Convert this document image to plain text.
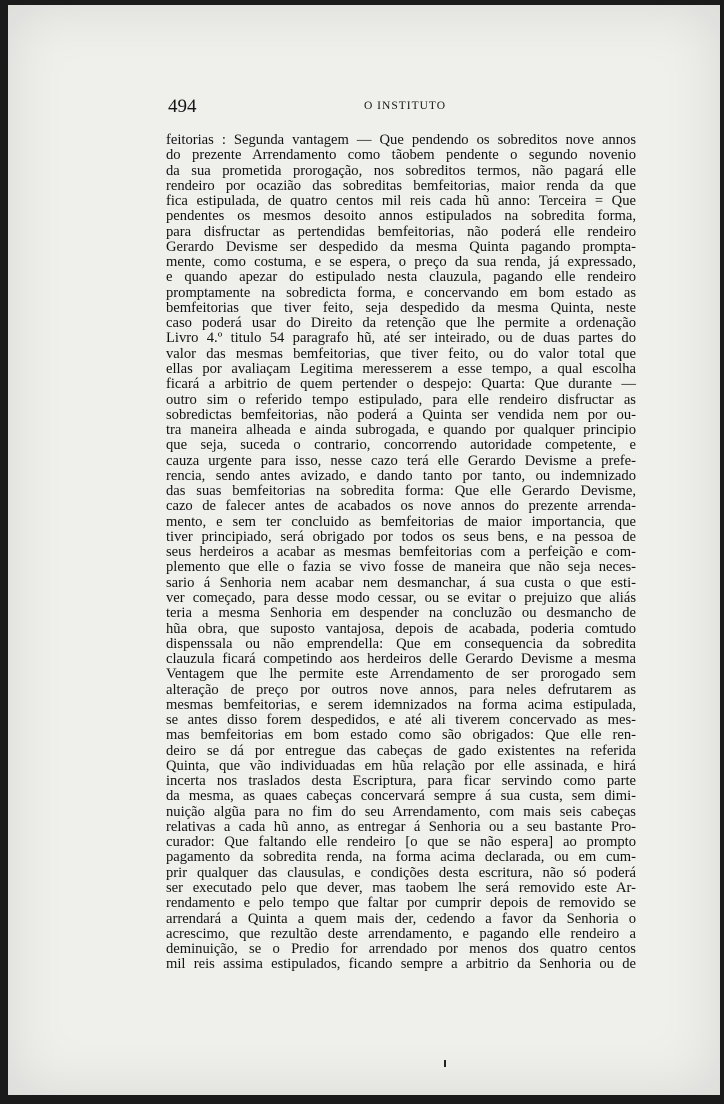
494	O INSTITUTO
feitorias : Segunda vantagem — Que pendendo os sobreditos nove annos
do prezente Arrendamento como tãobem pendente o segundo novenio
da sua prometida prorogação, nos sobreditos termos, não pagará elle
rendeiro por ocazião das sobreditas bemfeitorias, maior renda da que
fica estipulada, de quatro centos mil reis cada hũ anno: Terceira = Que
pendentes os mesmos desoito annos estipulados na sobredita forma,
para disfructar as pertendidas bemfeitorias, não poderá elle rendeiro
Gerardo Devisme ser despedido da mesma Quinta pagando prompta-
mente, como costuma, e se espera, o preço da sua renda, já expressado,
e quando apezar do estipulado nesta clauzula, pagando elle rendeiro
promptamente na sobredicta forma, e concervando em bom estado as
bemfeitorias que tiver feito, seja despedido da mesma Quinta, neste
caso poderá usar do Direito da retenção que lhe permite a ordenação
Livro 4.º titulo 54 paragrafo hũ, até ser inteirado, ou de duas partes do
valor das mesmas bemfeitorias, que tiver feito, ou do valor total que
ellas por avaliaçam Legitima meresserem a esse tempo, a qual escolha
ficará a arbitrio de quem pertender o despejo: Quarta: Que durante —
outro sim o referido tempo estipulado, para elle rendeiro disfructar as
sobredictas bemfeitorias, não poderá a Quinta ser vendida nem por ou-
tra maneira alheada e ainda subrogada, e quando por qualquer principio
que seja, suceda o contrario, concorrendo autoridade competente, e
cauza urgente para isso, nesse cazo terá elle Gerardo Devisme a prefe-
rencia, sendo antes avizado, e dando tanto por tanto, ou indemnizado
das suas bemfeitorias na sobredita forma: Que elle Gerardo Devisme,
cazo de falecer antes de acabados os nove annos do prezente arrenda-
mento, e sem ter concluido as bemfeitorias de maior importancia, que
tiver principiado, será obrigado por todos os seus bens, e na pessoa de
seus herdeiros a acabar as mesmas bemfeitorias com a perfeição e com-
plemento que elle o fazia se vivo fosse de maneira que não seja neces-
sario á Senhoria nem acabar nem desmanchar, á sua custa o que esti-
ver começado, para desse modo cessar, ou se evitar o prejuizo que aliás
teria a mesma Senhoria em despender na concluzão ou desmancho de
hũa obra, que suposto vantajosa, depois de acabada, poderia comtudo
dispenssala ou não emprendella: Que em consequencia da sobredita
clauzula ficará competindo aos herdeiros delle Gerardo Devisme a mesma
Ventagem que lhe permite este Arrendamento de ser prorogado sem
alteração de preço por outros nove annos, para neles defrutarem as
mesmas bemfeitorias, e serem idemnizados na forma acima estipulada,
se antes disso forem despedidos, e até ali tiverem concervado as mes-
mas bemfeitorias em bom estado como são obrigados: Que elle ren-
deiro se dá por entregue das cabeças de gado existentes na referida
Quinta, que vão individuadas em hũa relação por elle assinada, e hirá
incerta nos traslados desta Escriptura, para ficar servindo como parte
da mesma, as quaes cabeças concervará sempre á sua custa, sem dimi-
nuição algũa para no fim do seu Arrendamento, com mais seis cabeças
relativas a cada hũ anno, as entregar á Senhoria ou a seu bastante Pro-
curador: Que faltando elle rendeiro [o que se não espera] ao prompto
pagamento da sobredita renda, na forma acima declarada, ou em cum-
prir qualquer das clausulas, e condições desta escritura, não só poderá
ser executado pelo que dever, mas taobem lhe será removido este Ar-
rendamento e pelo tempo que faltar por cumprir depois de removido se
arrendará a Quinta a quem mais der, cedendo a favor da Senhoria o
acrescimo, que rezultão deste arrendamento, e pagando elle rendeiro a
deminuição, se o Predio for arrendado por menos dos quatro centos
mil reis assima estipulados, ficando sempre a arbitrio da Senhoria ou de
